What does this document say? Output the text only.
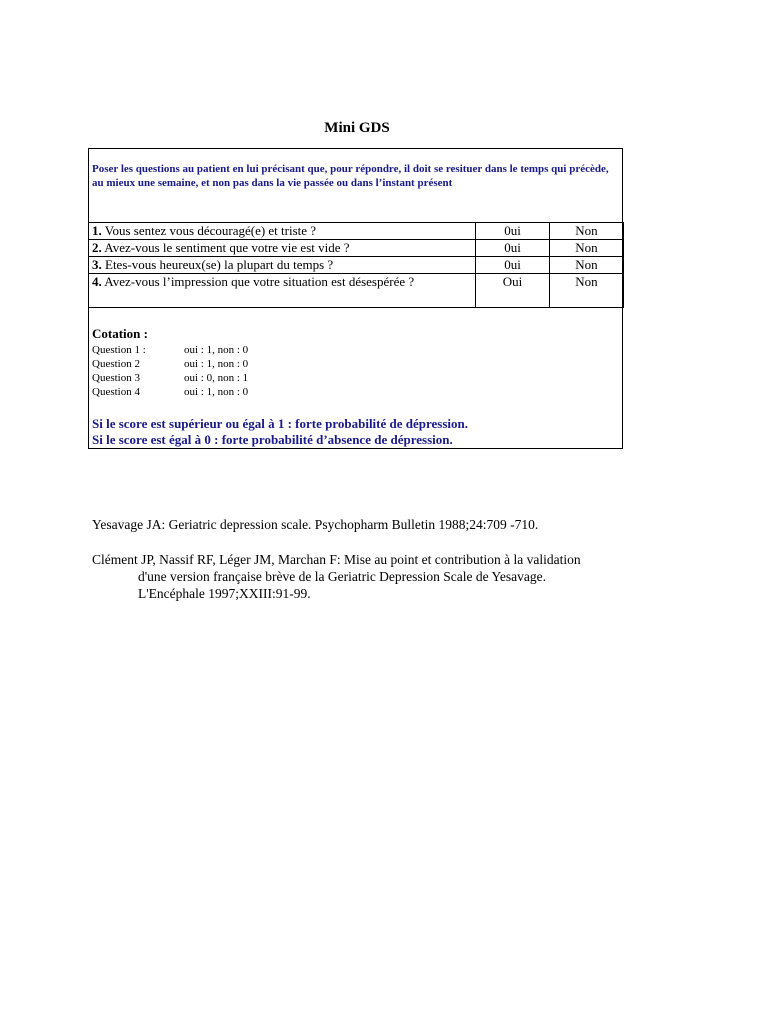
Mini GDS
Poser les questions au patient en lui précisant que, pour répondre, il doit se resituer dans le temps qui précède, au mieux une semaine, et non pas dans la vie passée ou dans l’instant présent
1. Vous sentez vous découragé(e) et triste ?	0ui	Non
2. Avez-vous le sentiment que votre vie est vide ?	0ui	Non
3. Etes-vous heureux(se) la plupart du temps ?	0ui	Non
4. Avez-vous l’impression que votre situation est désespérée ?	Oui	Non
Cotation :
Question 1 :	oui : 1, non : 0
Question 2	oui : 1, non : 0
Question 3	oui : 0, non : 1
Question 4	oui : 1, non : 0
Si le score est supérieur ou égal à 1 : forte probabilité de dépression.
Si le score est égal à 0 : forte probabilité d’absence de dépression.
Yesavage JA: Geriatric depression scale. Psychopharm Bulletin 1988;24:709 -710.
Clément JP, Nassif RF, Léger JM, Marchan F: Mise au point et contribution à la validation
d'une version française brève de la Geriatric Depression Scale de Yesavage.
L'Encéphale 1997;XXIII:91-99.
